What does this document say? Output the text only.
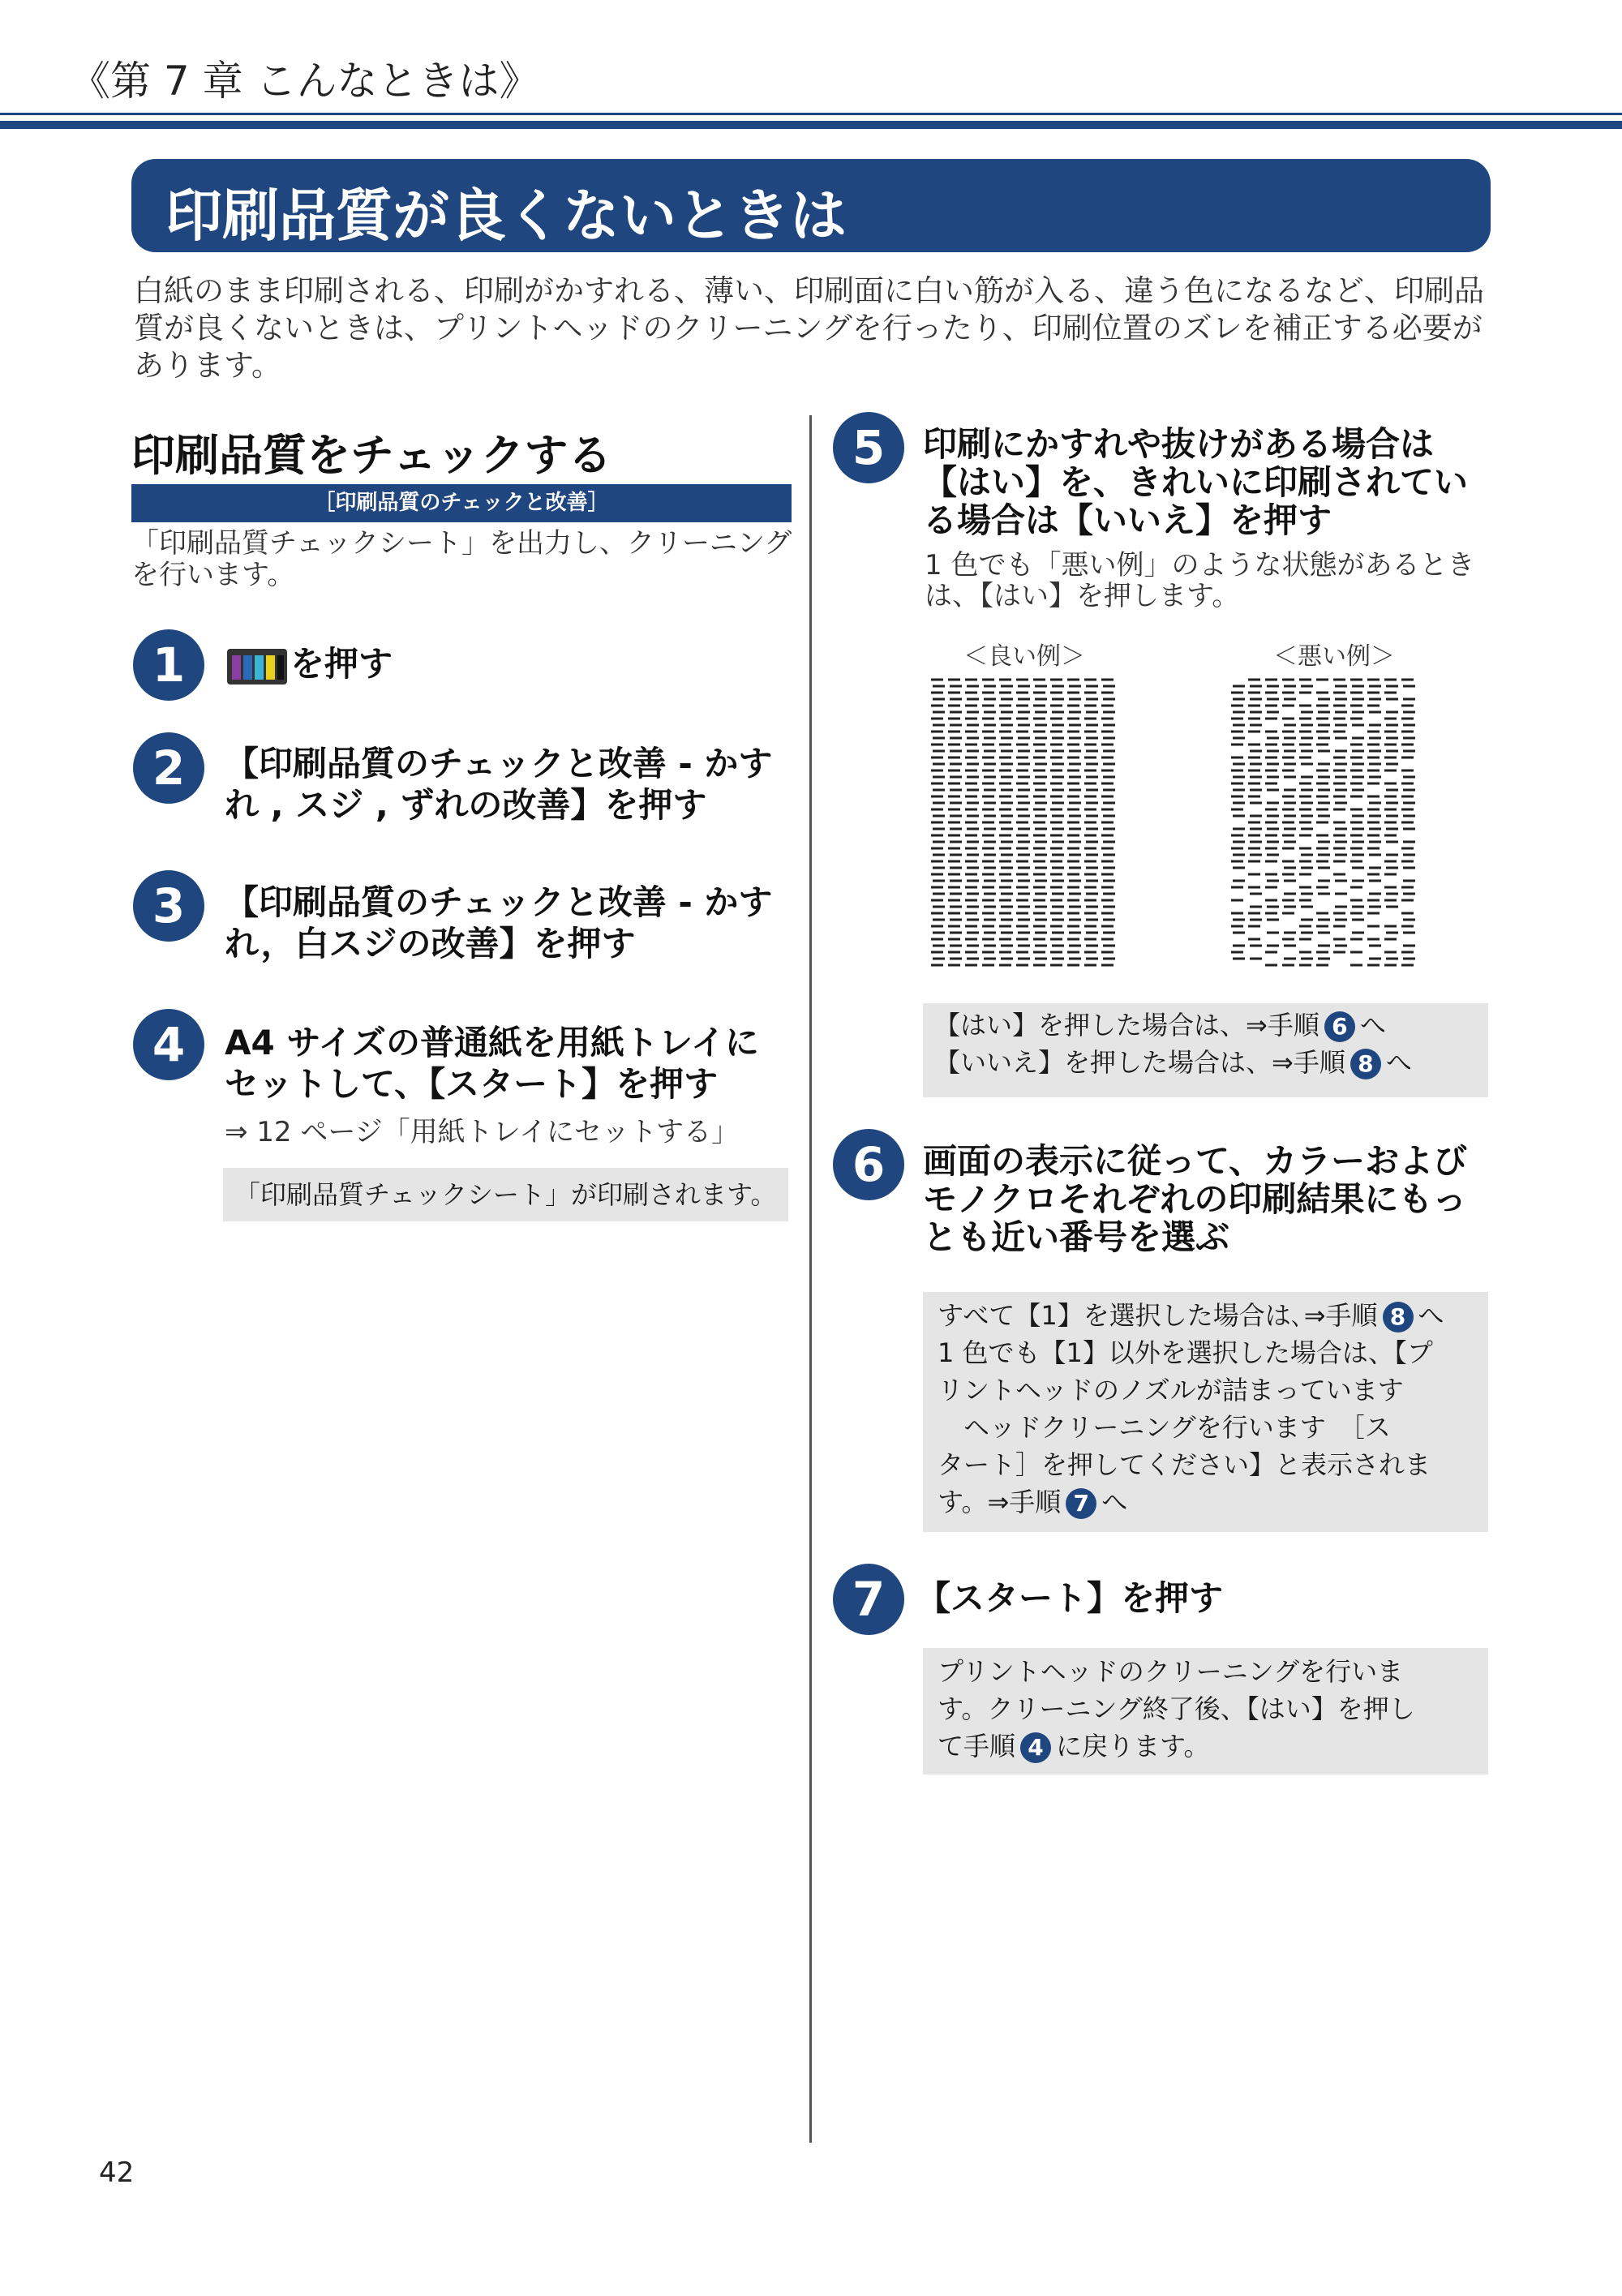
《第 7 章 こんなときは》
印刷品質が良くないときは
白紙のまま印刷される、印刷がかすれる、薄い、印刷面に白い筋が入る、違う色になるなど、印刷品
質が良くないときは、プリントヘッドのクリーニングを行ったり、印刷位置のズレを補正する必要が
あります。
印刷品質をチェックする
［印刷品質のチェックと改善］
「印刷品質チェックシート」を出力し、クリーニング
を行います。
1	を押す
2	【印刷品質のチェックと改善 - かす
れ , スジ , ずれの改善】を押す
3	【印刷品質のチェックと改善 - かす
れ，白スジの改善】を押す
4	A4 サイズの普通紙を用紙トレイに
セットして、【スタート】を押す
⇒ 12 ページ「用紙トレイにセットする」
「印刷品質チェックシート」が印刷されます。
5	印刷にかすれや抜けがある場合は
【はい】を、きれいに印刷されてい
る場合は【いいえ】を押す
1 色でも「悪い例」のような状態があるとき
は、【はい】を押します。
＜良い例＞	＜悪い例＞
【はい】を押した場合は、⇒手順 6 へ
【いいえ】を押した場合は、⇒手順 8 へ
6	画面の表示に従って、カラーおよび
モノクロそれぞれの印刷結果にもっ
とも近い番号を選ぶ
すべて【1】を選択した場合は､⇒手順 8 へ
1 色でも【1】以外を選択した場合は、【プ
リントヘッドのノズルが詰まっています
　ヘッドクリーニングを行います　［ス
タート］を押してください】と表示されま
す。⇒手順 7 へ
7 【スタート】を押す
プリントヘッドのクリーニングを行いま
す。クリーニング終了後、【はい】を押し
て手順 4 に戻ります。
42
